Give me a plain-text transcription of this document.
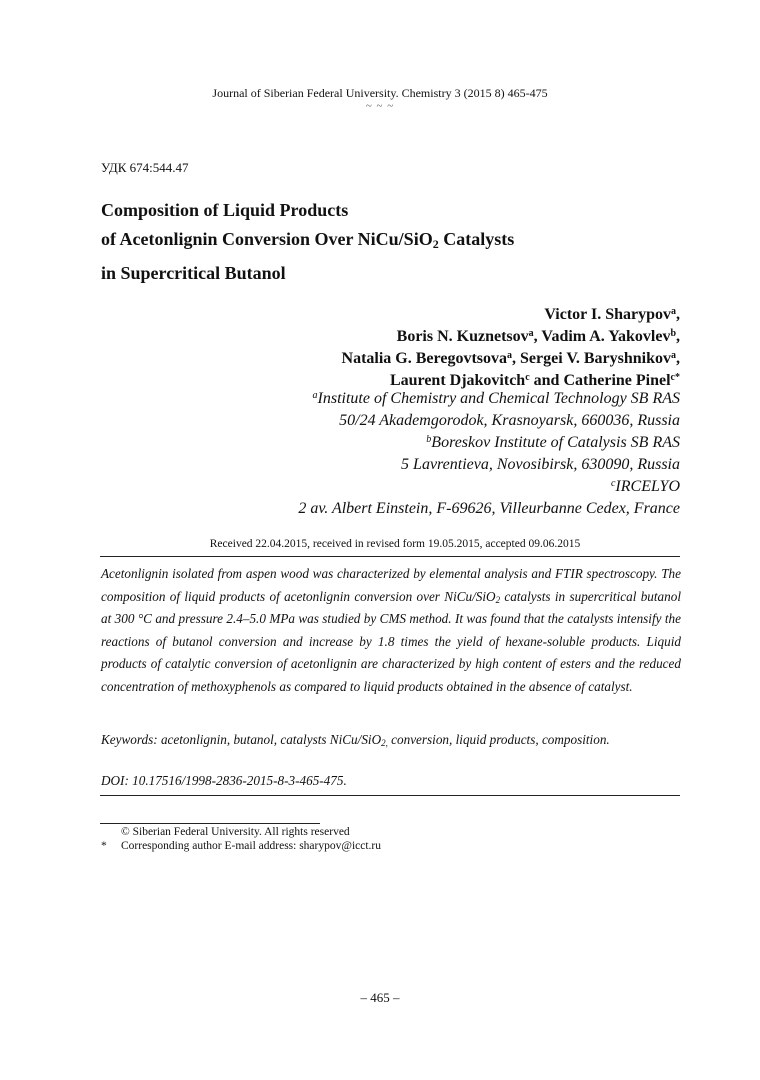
Journal of Siberian Federal University. Chemistry 3 (2015 8) 465-475
~ ~ ~
УДК 674:544.47
Composition of Liquid Products
of Acetonlignin Conversion Over NiCu/SiO$_2$ Catalysts
in Supercritical Butanol
Victor I. Sharypov$^a$,
Boris N. Kuznetsov$^a$, Vadim A. Yakovlev$^b$,
Natalia G. Beregovtsova$^a$, Sergei V. Baryshnikov$^a$,
Laurent Djakovitch$^c$ and Catherine Pinel$^{c*}$
$^a$Institute of Chemistry and Chemical Technology SB RAS
50/24 Akademgorodok, Krasnoyarsk, 660036, Russia
$^b$Boreskov Institute of Catalysis SB RAS
5 Lavrentieva, Novosibirsk, 630090, Russia
$^c$IRCELYO
2 av. Albert Einstein, F-69626, Villeurbanne Cedex, France
Received 22.04.2015, received in revised form 19.05.2015, accepted 09.06.2015
Acetonlignin isolated from aspen wood was characterized by elemental analysis and FTIR spectroscopy. The composition of liquid products of acetonlignin conversion over NiCu/SiO$_2$ catalysts in supercritical butanol at 300 °C and pressure 2.4–5.0 MPa was studied by CMS method. It was found that the catalysts intensify the reactions of butanol conversion and increase by 1.8 times the yield of hexane-soluble products. Liquid products of catalytic conversion of acetonlignin are characterized by high content of esters and the reduced concentration of methoxyphenols as compared to liquid products obtained in the absence of catalyst.
Keywords: acetonlignin, butanol, catalysts NiCu/SiO$_{2,}$ conversion, liquid products, composition.
DOI: 10.17516/1998-2836-2015-8-3-465-475.
© Siberian Federal University. All rights reserved
* Corresponding author E-mail address: sharypov@icct.ru
– 465 –
